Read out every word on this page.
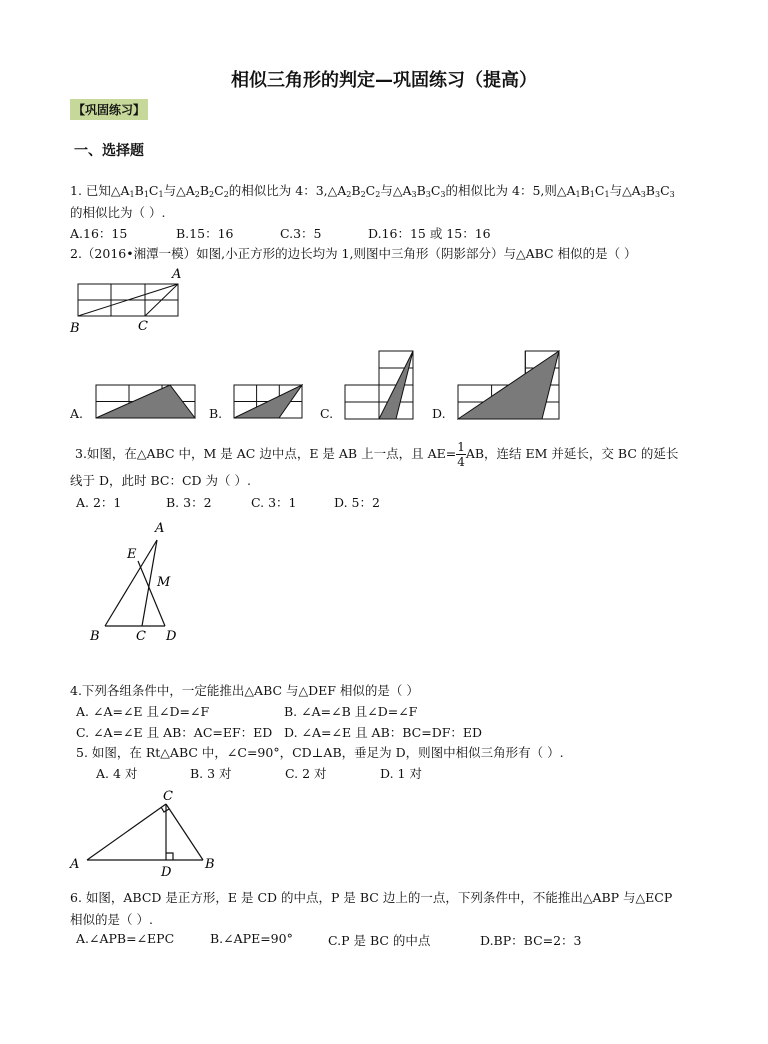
相似三角形的判定—巩固练习（提高）
【巩固练习】
一、选择题
1. 已知$\triangle A_1B_1C_1$与$\triangle A_2B_2C_2$的相似比为 4：$3,\triangle A_2B_2C_2$与$\triangle A_3B_3C_3$的相似比为 4：5,则$\triangle A_1B_1C_1$与$\triangle A_3B_3C_3$
的相似比为（ ）.
A.16：15	B.15：16	C.3：5	D.16：15 或 15：16
2.（2016•湘潭一模）如图,小正方形的边长均为 1,则图中三角形（阴影部分）与△ABC 相似的是（ ）
A
B	C
A.	B.	C.	D.
3.如图，在△ABC 中，M 是 AC 边中点，E 是 AB 上一点，且 $AE= \frac{1}{4}$ AB，连结 EM 并延长，交 BC 的延长
线于 D，此时 BC：CD 为（ ）.
A. 2：1	B. 3：2	C. 3：1	D. 5：2
A
E
M
B	C D
4.下列各组条件中，一定能推出△ABC 与△DEF 相似的是（ ）
A. ∠A=∠E 且∠D=∠F	B. ∠A=∠B 且∠D=∠F
C. ∠A=∠E 且 AB：AC=EF：ED D. ∠A=∠E 且 AB：BC=DF：ED
5. 如图，在 Rt△ABC 中，∠C=90°，CD⊥AB，垂足为 D，则图中相似三角形有（ ）.
A. 4 对	B. 3 对	C. 2 对	D. 1 对
C
A	B
D
6. 如图，ABCD 是正方形，E 是 CD 的中点，P 是 BC 边上的一点，下列条件中，不能推出△ABP 与△ECP
相似的是（ ）.
A.∠APB=∠EPC	B.∠APE=90°	C.P 是 BC 的中点	D.BP：BC=2：3
